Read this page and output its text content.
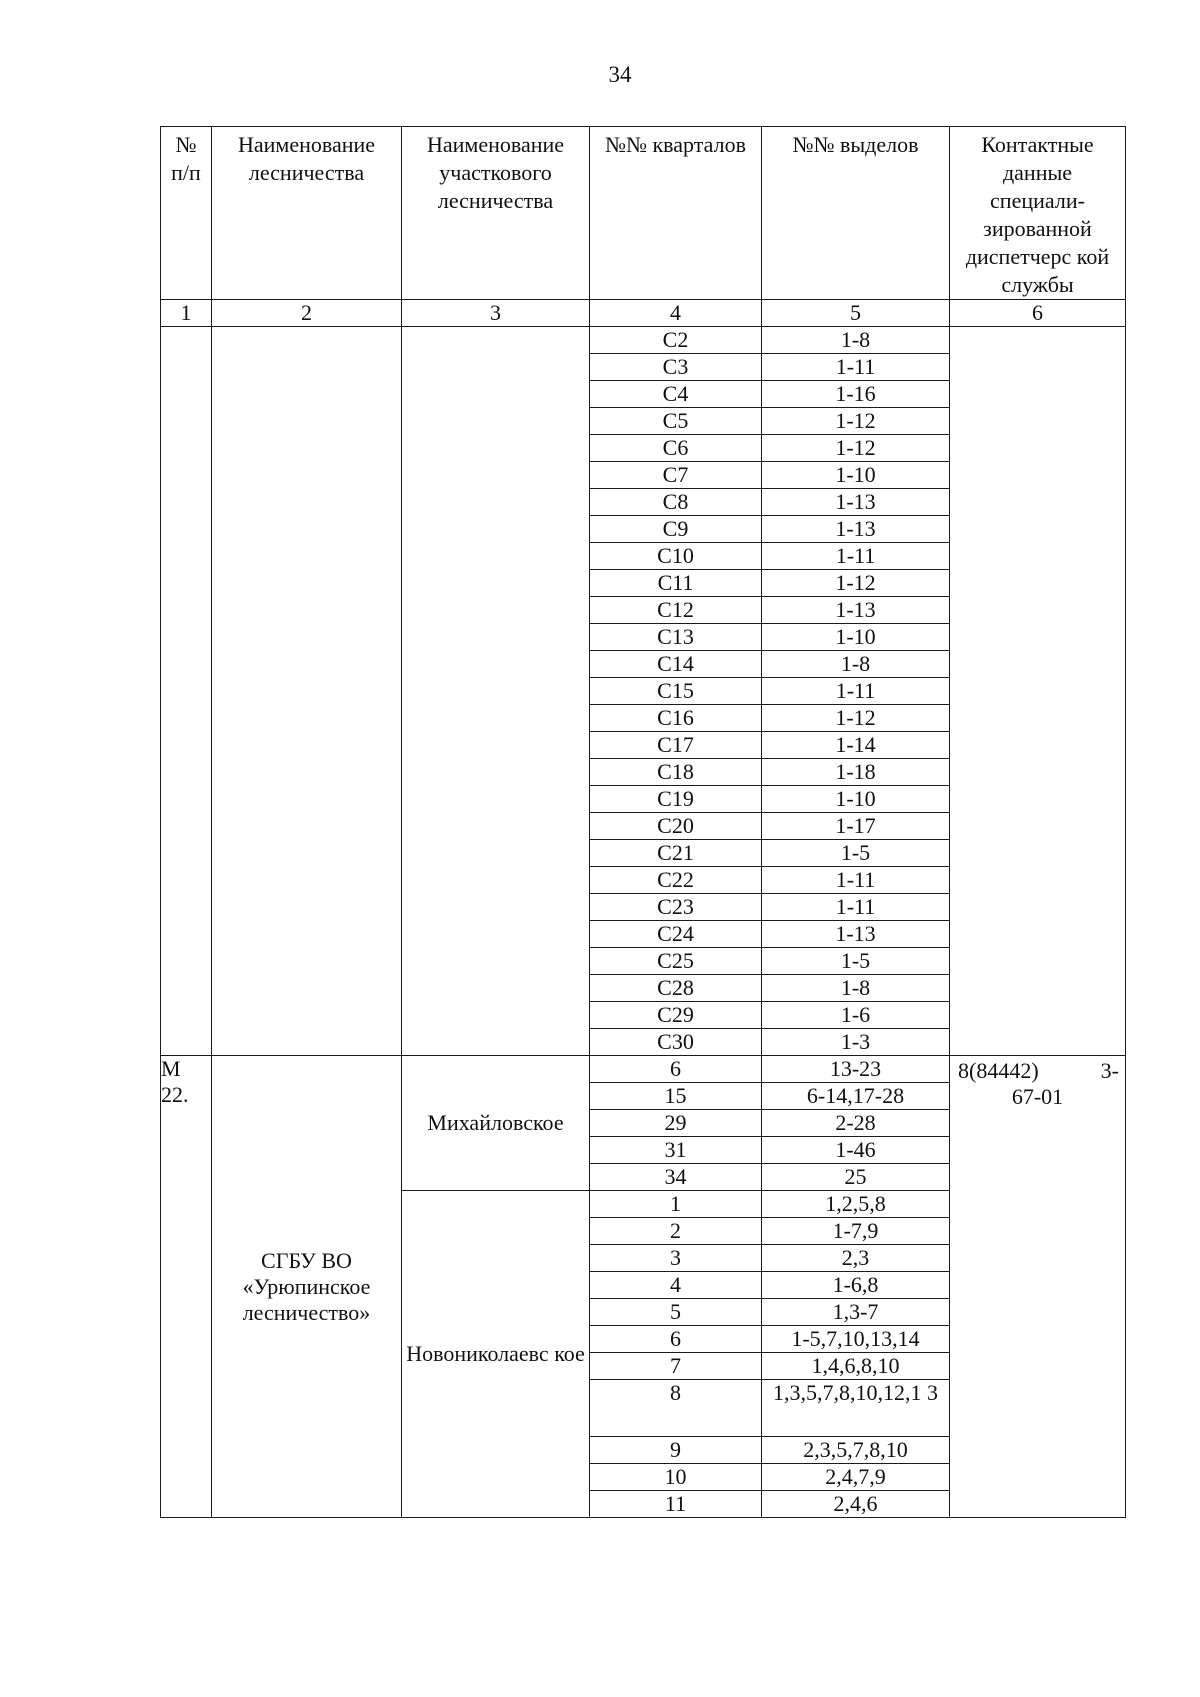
34
№ п/п	Наименование лесничества	Наименование участкового лесничества	№№ кварталов	№№ выделов	Контактные данные специали-зированной диспетчерс кой службы
1	2	3	4	5	6
			С2	1-8	
			С3	1-11	
			С4	1-16	
			С5	1-12	
			С6	1-12	
			С7	1-10	
			С8	1-13	
			С9	1-13	
			С10	1-11	
			С11	1-12	
			С12	1-13	
			С13	1-10	
			С14	1-8	
			С15	1-11	
			С16	1-12	
			С17	1-14	
			С18	1-18	
			С19	1-10	
			С20	1-17	
			С21	1-5	
			С22	1-11	
			С23	1-11	
			С24	1-13	
			С25	1-5	
			С28	1-8	
			С29	1-6	
			С30	1-3	
М 22.	СГБУ ВО «Урюпинское лесничество»	Михайловское	6	13-23	8(84442) 3-
67-01

			15	6-14,17-28	
			29	2-28	
			31	1-46	
			34	25	
		Новониколаевс кое	1	1,2,5,8	
			2	1-7,9	
			3	2,3	
			4	1-6,8	
			5	1,3-7	
			6	1-5,7,10,13,14	
			7	1,4,6,8,10	
			8	1,3,5,7,8,10,12,1 3	
			9	2,3,5,7,8,10	
			10	2,4,7,9	
			11	2,4,6	
